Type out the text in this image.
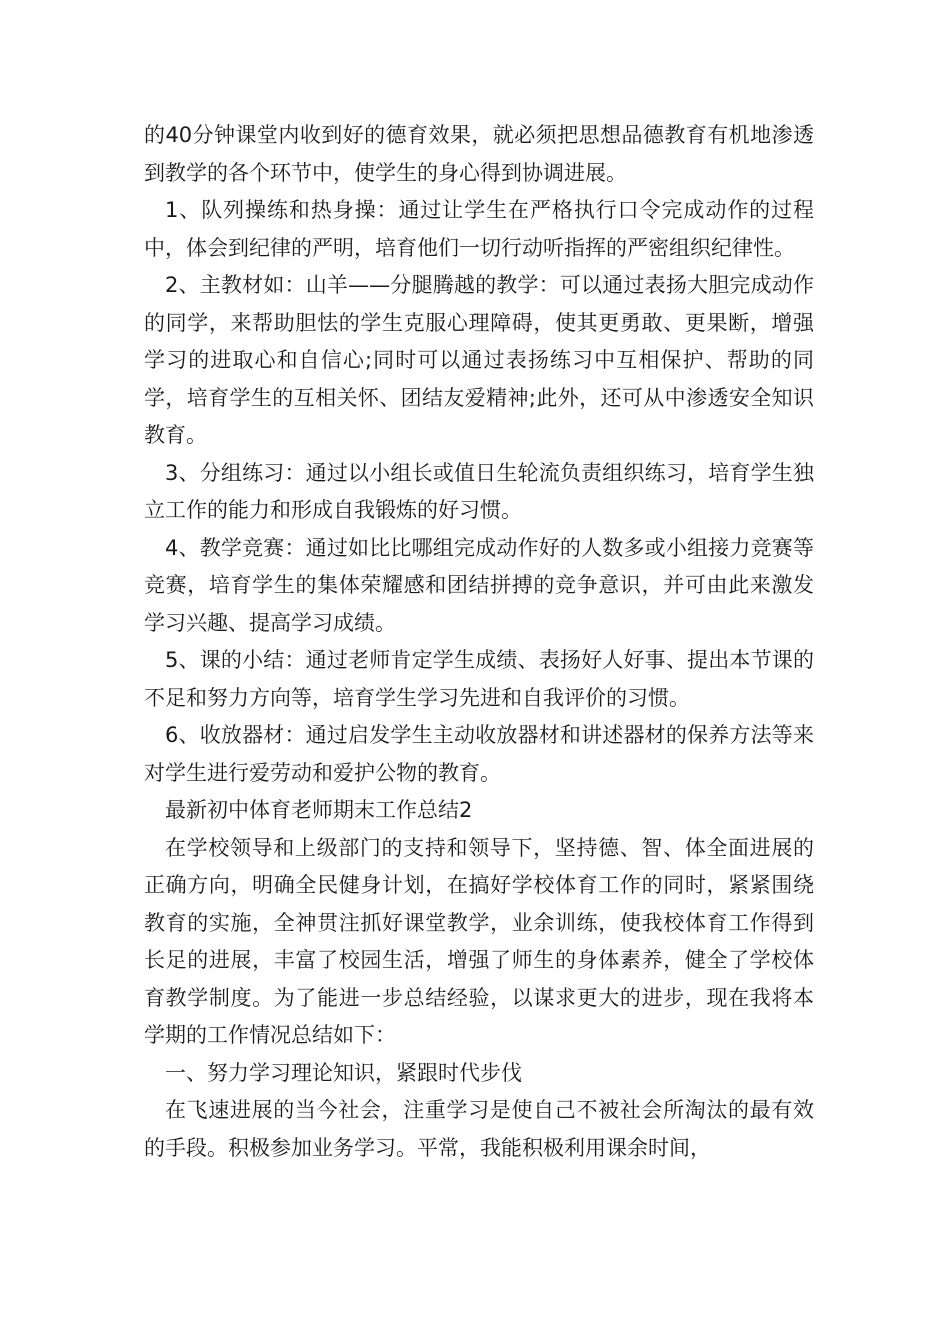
的40分钟课堂内收到好的德育效果，就必须把思想品德教育有机地渗透到教学的各个环节中，使学生的身心得到协调进展。

1、队列操练和热身操：通过让学生在严格执行口令完成动作的过程中，体会到纪律的严明，培育他们一切行动听指挥的严密组织纪律性。

2、主教材如：山羊——分腿腾越的教学：可以通过表扬大胆完成动作的同学，来帮助胆怯的学生克服心理障碍，使其更勇敢、更果断，增强学习的进取心和自信心;同时可以通过表扬练习中互相保护、帮助的同学，培育学生的互相关怀、团结友爱精神;此外，还可从中渗透安全知识教育。

3、分组练习：通过以小组长或值日生轮流负责组织练习，培育学生独立工作的能力和形成自我锻炼的好习惯。

4、教学竞赛：通过如比比哪组完成动作好的人数多或小组接力竞赛等竞赛，培育学生的集体荣耀感和团结拼搏的竞争意识，并可由此来激发学习兴趣、提高学习成绩。

5、课的小结：通过老师肯定学生成绩、表扬好人好事、提出本节课的不足和努力方向等，培育学生学习先进和自我评价的习惯。

6、收放器材：通过启发学生主动收放器材和讲述器材的保养方法等来对学生进行爱劳动和爱护公物的教育。

最新初中体育老师期末工作总结2

在学校领导和上级部门的支持和领导下，坚持德、智、体全面进展的正确方向，明确全民健身计划，在搞好学校体育工作的同时，紧紧围绕教育的实施，全神贯注抓好课堂教学，业余训练，使我校体育工作得到长足的进展，丰富了校园生活，增强了师生的身体素养，健全了学校体育教学制度。为了能进一步总结经验，以谋求更大的进步，现在我将本学期的工作情况总结如下：

一、努力学习理论知识，紧跟时代步伐

在飞速进展的当今社会，注重学习是使自己不被社会所淘汰的最有效的手段。积极参加业务学习。平常，我能积极利用课余时间，
